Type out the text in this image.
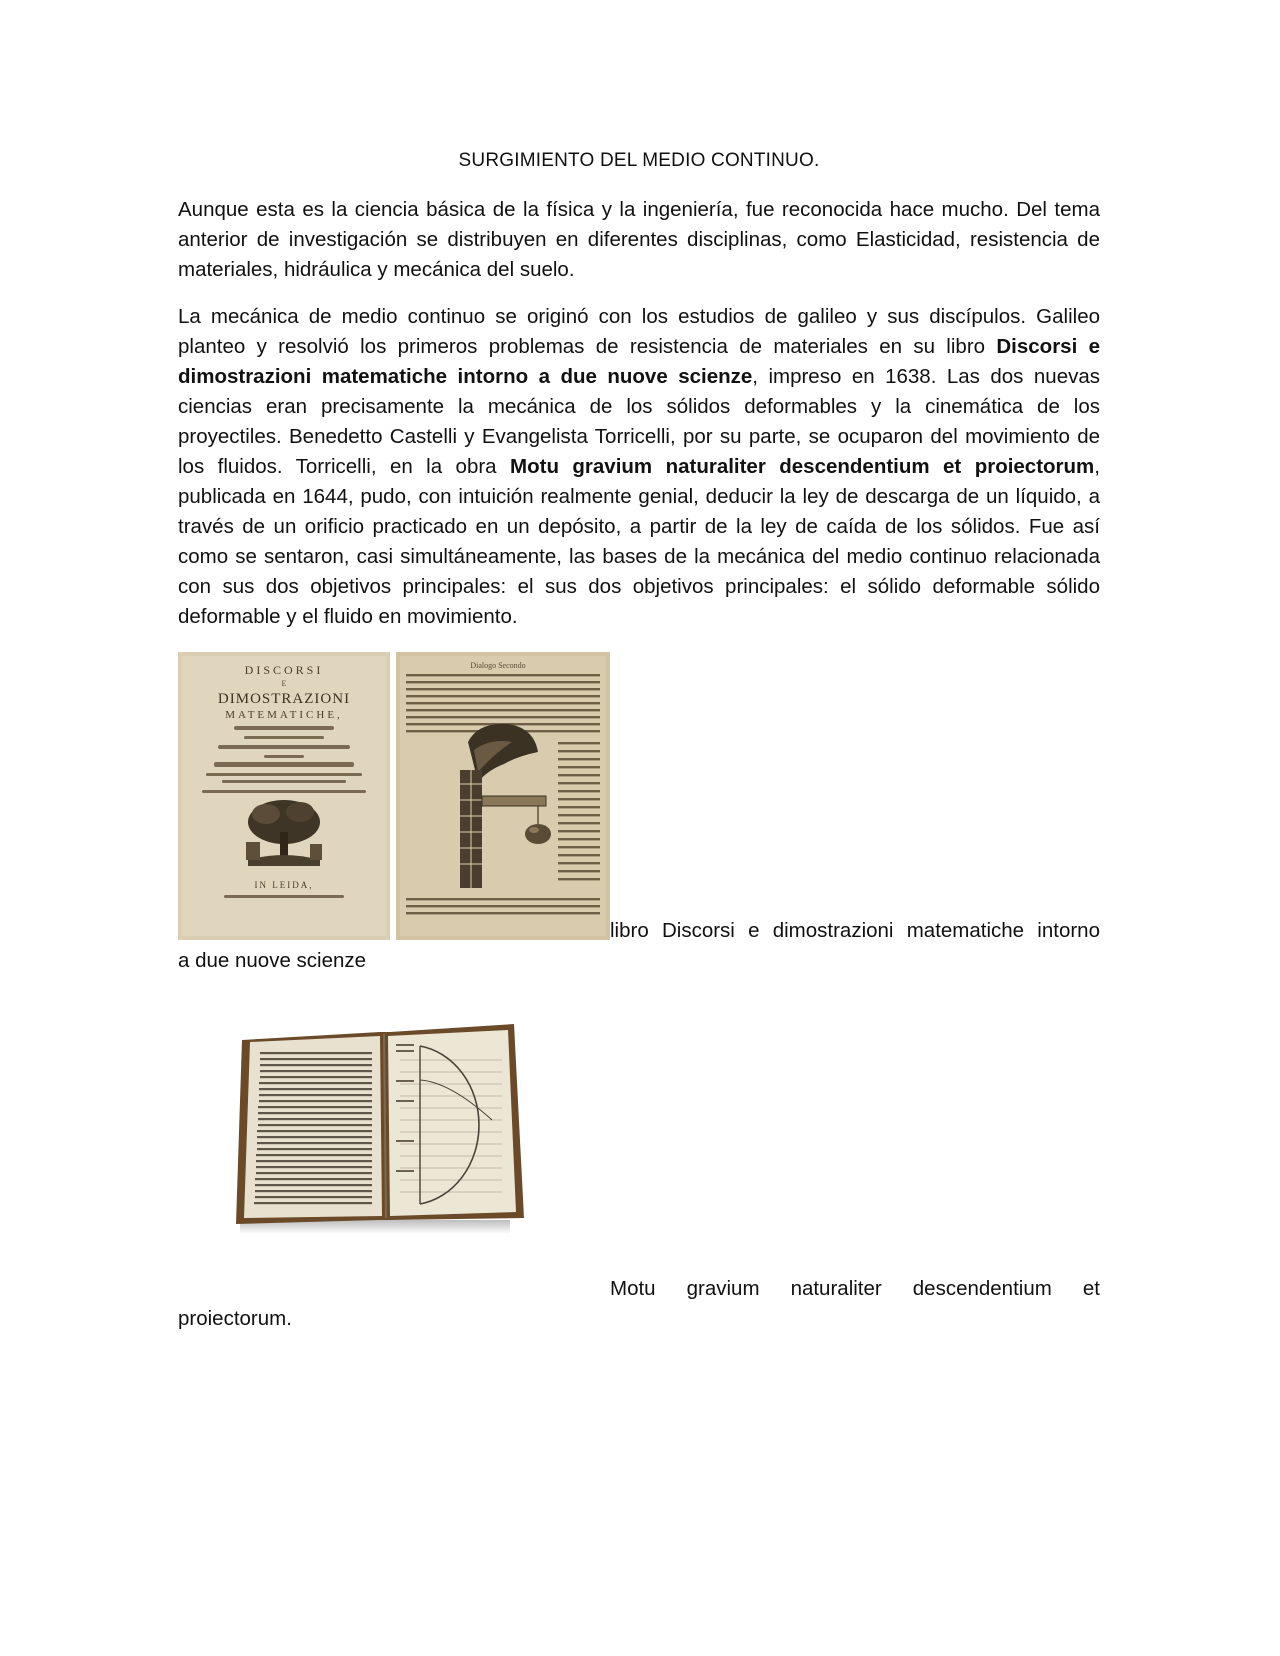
SURGIMIENTO DEL MEDIO CONTINUO.

Aunque esta es la ciencia básica de la física y la ingeniería, fue reconocida hace mucho. Del tema anterior de investigación se distribuyen en diferentes disciplinas, como Elasticidad, resistencia de materiales, hidráulica y mecánica del suelo.

La mecánica de medio continuo se originó con los estudios de galileo y sus discípulos. Galileo planteo y resolvió los primeros problemas de resistencia de materiales en su libro Discorsi e dimostrazioni matematiche intorno a due nuove scienze, impreso en 1638. Las dos nuevas ciencias eran precisamente la mecánica de los sólidos deformables y la cinemática de los proyectiles. Benedetto Castelli y Evangelista Torricelli, por su parte, se ocuparon del movimiento de los fluidos. Torricelli, en la obra Motu gravium naturaliter descendentium et proiectorum, publicada en 1644, pudo, con intuición realmente genial, deducir la ley de descarga de un líquido, a través de un orificio practicado en un depósito, a partir de la ley de caída de los sólidos. Fue así como se sentaron, casi simultáneamente, las bases de la mecánica del medio continuo relacionada con sus dos objetivos principales: el sus dos objetivos principales: el sólido deformable sólido deformable y el fluido en movimiento.

DISCORSI
E
DIMOSTRAZIONI
MATEMATICHE,
IN LEIDA,
Dialogo Secondo
libro Discorsi e dimostrazioni matematiche intorno
a due nuove scienze
Motu gravium naturaliter descendentium et
proiectorum.
